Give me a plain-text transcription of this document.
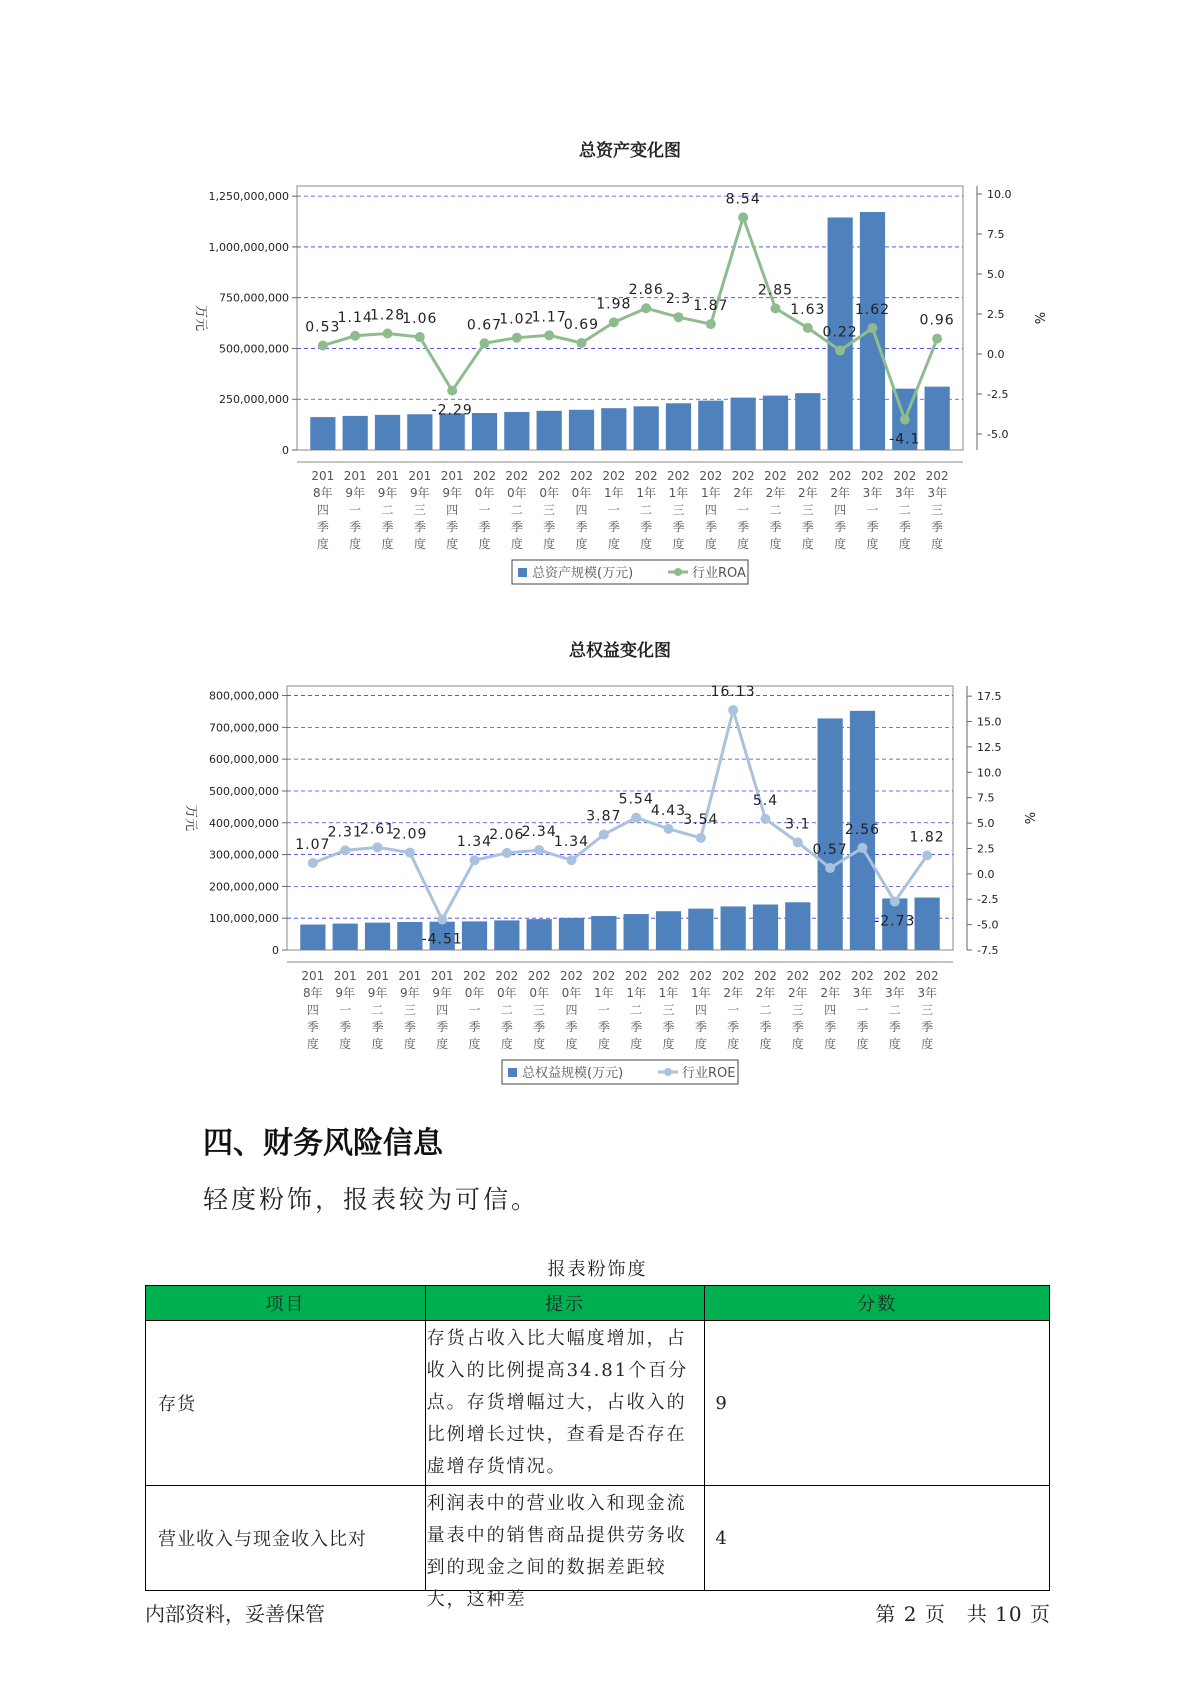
总资产变化图
0
250,000,000
500,000,000
750,000,000
1,000,000,000
1,250,000,000
-5.0
-2.5
0.0
2.5
5.0
7.5
10.0
万元	%
201
8年
四
季
度
201
9年
一
季
度
201
9年
二
季
度
201
9年
三
季
度
201
9年
四
季
度
202
0年
一
季
度
202
0年
二
季
度
202
0年
三
季
度
202
0年
四
季
度
202
1年
一
季
度
202
1年
二
季
度
202
1年
三
季
度
202
1年
四
季
度
202
2年
一
季
度
202
2年
二
季
度
202
2年
三
季
度
202
2年
四
季
度
202
3年
一
季
度
202
3年
二
季
度
202
3年
三
季
度
0.53
1.14
1.28
1.06
-2.29
0.67
1.02
1.17
0.69
1.98
2.86
2.3 1.87
8.54
2.85
1.63
0.22
1.62
-4.1
0.96
总资产规模(万元)	行业ROA
总权益变化图
0
100,000,000
200,000,000
300,000,000
400,000,000
500,000,000
600,000,000
700,000,000
800,000,000
-7.5
-5.0
-2.5
0.0
2.5
5.0
7.5
10.0
12.5
15.0
17.5
万元	%
201
8年
四
季
度
201
9年
一
季
度
201
9年
二
季
度
201
9年
三
季
度
201
9年
四
季
度
202
0年
一
季
度
202
0年
二
季
度
202
0年
三
季
度
202
0年
四
季
度
202
1年
一
季
度
202
1年
二
季
度
202
1年
三
季
度
202
1年
四
季
度
202
2年
一
季
度
202
2年
二
季
度
202
2年
三
季
度
202
2年
四
季
度
202
3年
一
季
度
202
3年
二
季
度
202
3年
三
季
度
1.07
2.31
2.61
2.09
-4.51
1.34
2.06
2.34
1.34
3.87
5.54
4.43
3.54
16.13
5.4
3.1
0.57
2.56
-2.73
1.82
总权益规模(万元)	行业ROE
四、财务风险信息

轻度粉饰，报表较为可信。

报表粉饰度
项目	提示	分数
存货	存货占收入比大幅度增加，占收入的比例提高34.81个百分点。存货增幅过大，占收入的比例增长过快，查看是否存在虚增存货情况。	9
营业收入与现金收入比对	利润表中的营业收入和现金流量表中的销售商品提供劳务收到的现金之间的数据差距较大，这种差	4
内部资料，妥善保管	第 2 页　共 10 页
